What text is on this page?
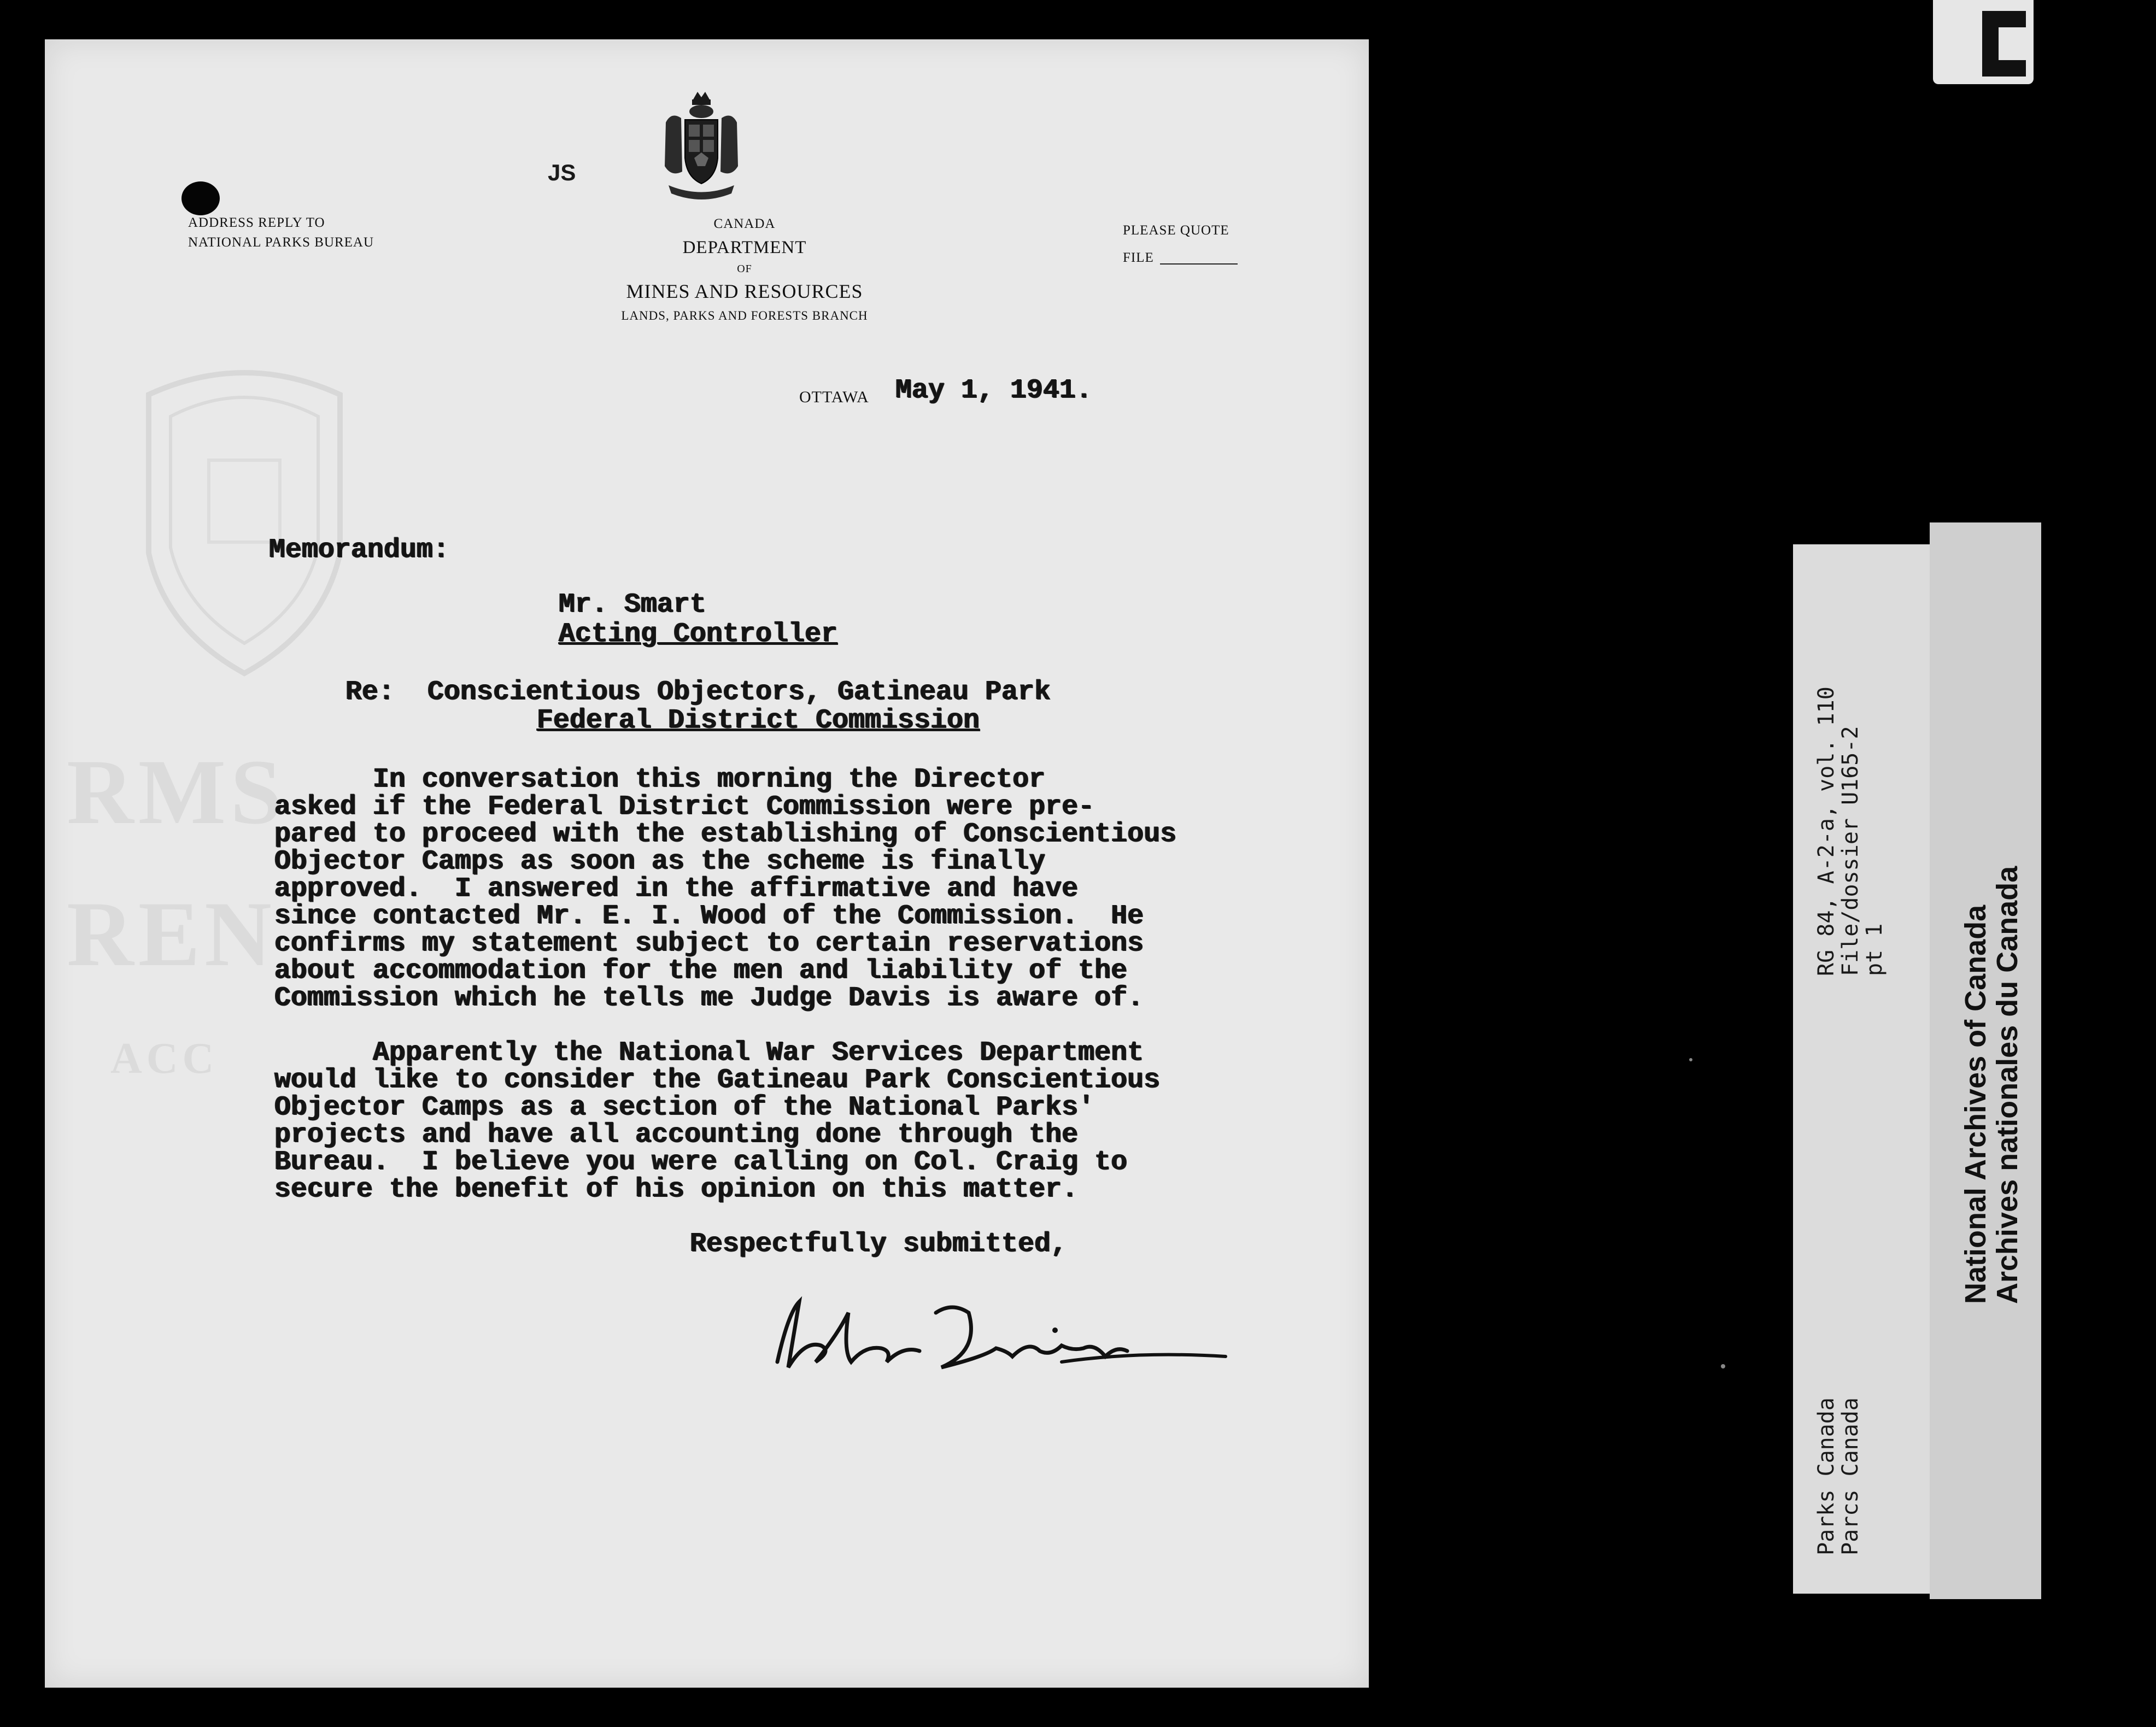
RMS
REN
ACC
ADDRESS REPLY TO
NATIONAL PARKS BUREAU
JS
CANADA
DEPARTMENT
OF
MINES AND RESOURCES
LANDS, PARKS AND FORESTS BRANCH
PLEASE QUOTE
FILE
OTTAWA May 1, 1941.
Memorandum:
Mr. Smart
Acting Controller
Re: Conscientious Objectors, Gatineau Park
Federal District Commission
In conversation this morning the Director
asked if the Federal District Commission were pre-
pared to proceed with the establishing of Conscientious
Objector Camps as soon as the scheme is finally
approved.  I answered in the affirmative and have
since contacted Mr. E. I. Wood of the Commission.  He
confirms my statement subject to certain reservations
about accommodation for the men and liability of the
Commission which he tells me Judge Davis is aware of.
Apparently the National War Services Department
would like to consider the Gatineau Park Conscientious
Objector Camps as a section of the National Parks'
projects and have all accounting done through the
Bureau.  I believe you were calling on Col. Craig to
secure the benefit of his opinion on this matter.
Respectfully submitted,
RG 84, A-2-a, vol. 110
File/dossier U165-2
pt 1
Parks Canada
Parcs Canada
National Archives of Canada
Archives nationales du Canada
